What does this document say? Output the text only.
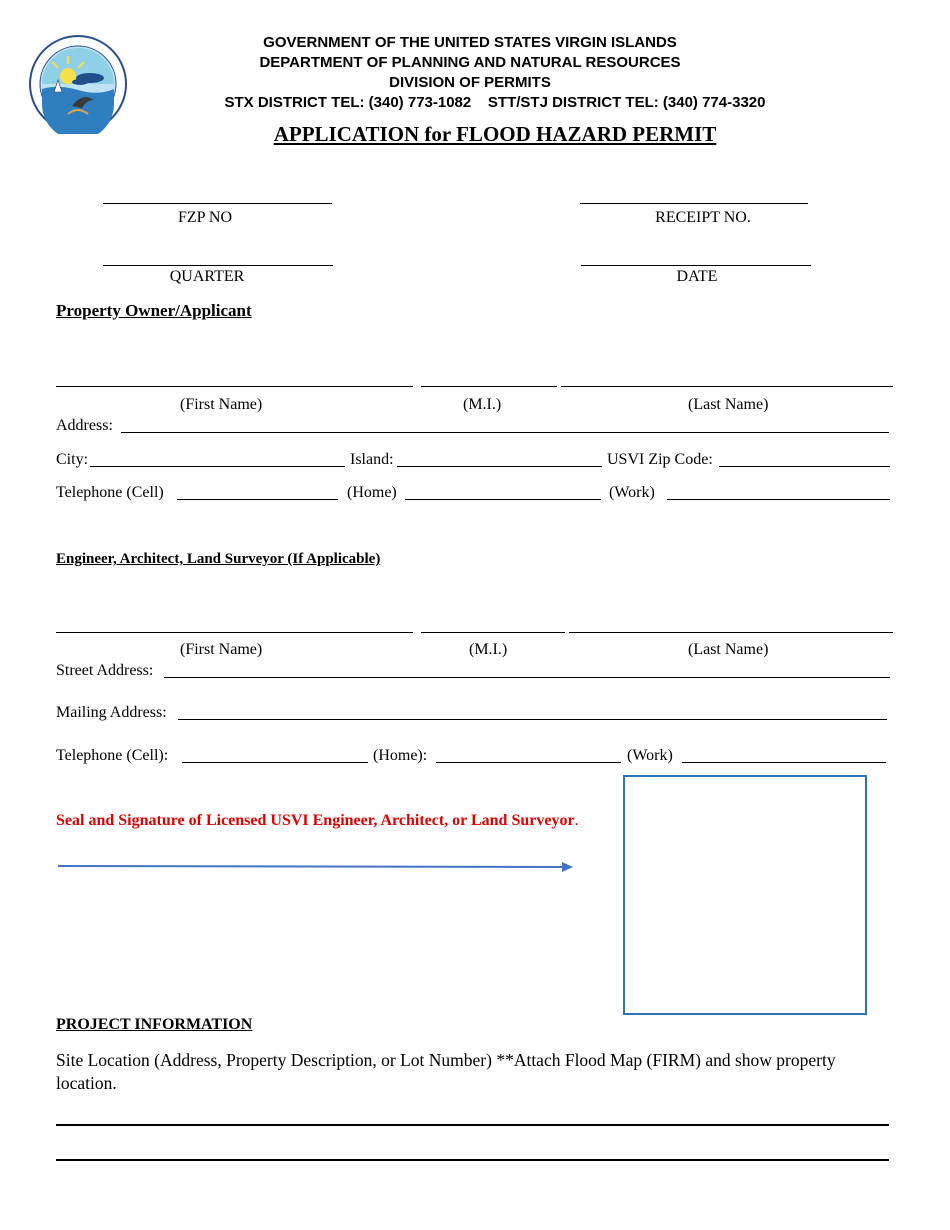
GOVERNMENT OF THE UNITED STATES VIRGIN ISLANDS
DEPARTMENT OF PLANNING AND NATURAL RESOURCES
DIVISION OF PERMITS
STX DISTRICT TEL: (340) 773-1082    STT/STJ DISTRICT TEL: (340) 774-3320
APPLICATION for FLOOD HAZARD PERMIT
FZP NO	RECEIPT NO.
QUARTER	DATE
Property Owner/Applicant
(First Name)	(M.I.)	(Last Name)
Address:
City:	Island:	USVI Zip Code:
Telephone (Cell)	(Home)	(Work)
Engineer, Architect, Land Surveyor (If Applicable)
(First Name)	(M.I.)	(Last Name)
Street Address:
Mailing Address:
Telephone (Cell):	(Home):	(Work)
Seal and Signature of Licensed USVI Engineer, Architect, or Land Surveyor.
PROJECT INFORMATION
Site Location (Address, Property Description, or Lot Number) **Attach Flood Map (FIRM) and show property location.
